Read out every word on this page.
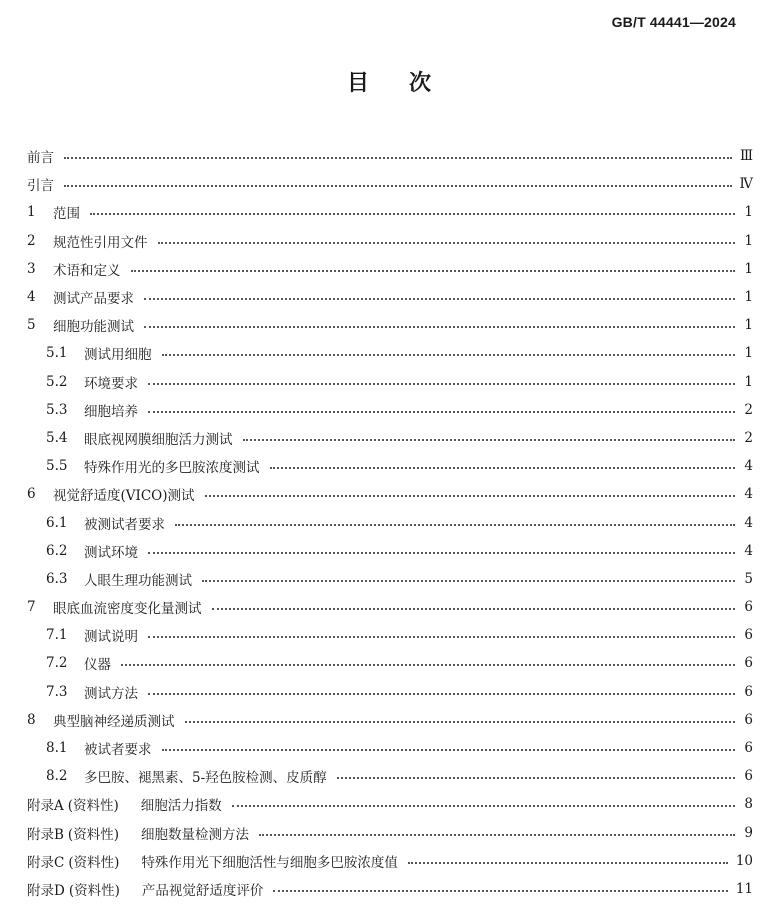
GB/T 44441—2024
目次
前言	Ⅲ
引言	Ⅳ
1	范围	1
2	规范性引用文件	1
3	术语和定义	1
4	测试产品要求	1
5	细胞功能测试	1
5.1	测试用细胞	1
5.2	环境要求	1
5.3	细胞培养	2
5.4	眼底视网膜细胞活力测试	2
5.5	特殊作用光的多巴胺浓度测试	4
6	视觉舒适度(VICO)测试	4
6.1	被测试者要求	4
6.2	测试环境	4
6.3	人眼生理功能测试	5
7	眼底血流密度变化量测试	6
7.1	测试说明	6
7.2	仪器	6
7.3	测试方法	6
8	典型脑神经递质测试	6
8.1	被试者要求	6
8.2	多巴胺、褪黑素、5-羟色胺检测、皮质醇	6
附录A (资料性) 细胞活力指数	8
附录B (资料性) 细胞数量检测方法	9
附录C (资料性) 特殊作用光下细胞活性与细胞多巴胺浓度值	10
附录D (资料性) 产品视觉舒适度评价	11
